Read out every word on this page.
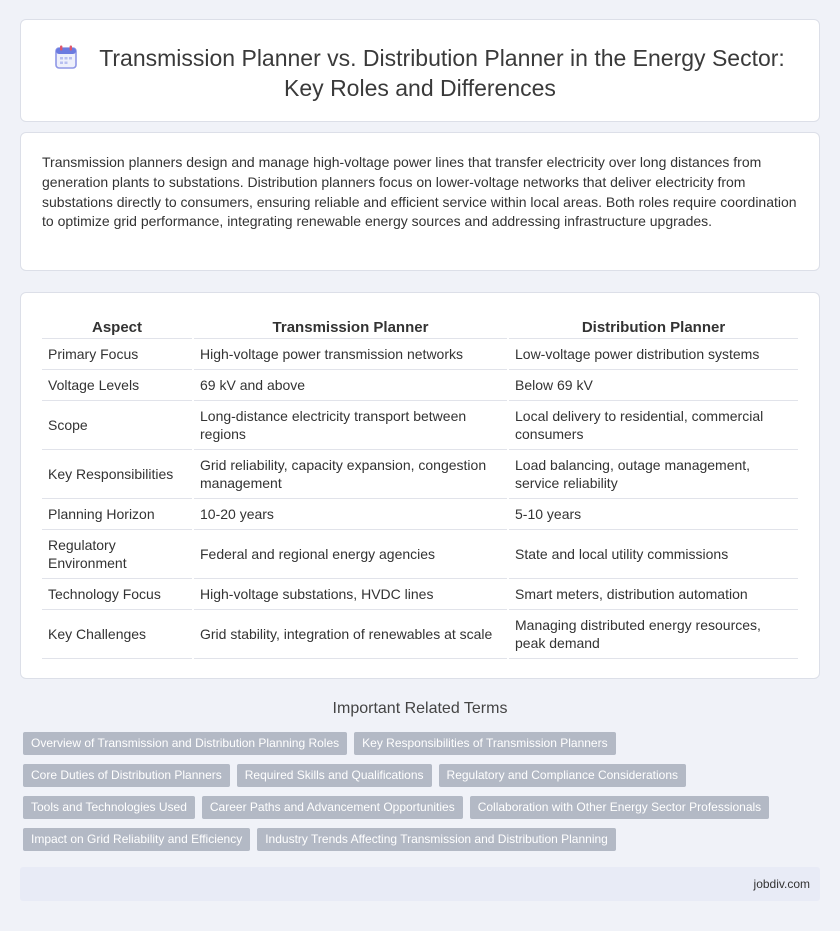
Transmission Planner vs. Distribution Planner in the Energy Sector: Key Roles and Differences

Transmission planners design and manage high-voltage power lines that transfer electricity over long distances from generation plants to substations. Distribution planners focus on lower-voltage networks that deliver electricity from substations directly to consumers, ensuring reliable and efficient service within local areas. Both roles require coordination to optimize grid performance, integrating renewable energy sources and addressing infrastructure upgrades.

Aspect	Transmission Planner	Distribution Planner
Primary Focus	High-voltage power transmission networks	Low-voltage power distribution systems
Voltage Levels	69 kV and above	Below 69 kV
Scope	Long-distance electricity transport between regions	Local delivery to residential, commercial consumers
Key Responsibilities	Grid reliability, capacity expansion, congestion management	Load balancing, outage management, service reliability
Planning Horizon	10-20 years	5-10 years
Regulatory Environment	Federal and regional energy agencies	State and local utility commissions
Technology Focus	High-voltage substations, HVDC lines	Smart meters, distribution automation
Key Challenges	Grid stability, integration of renewables at scale	Managing distributed energy resources, peak demand
Important Related Terms
Overview of Transmission and Distribution Planning Roles	Key Responsibilities of Transmission Planners
Core Duties of Distribution Planners	Required Skills and Qualifications	Regulatory and Compliance Considerations
Tools and Technologies Used	Career Paths and Advancement Opportunities	Collaboration with Other Energy Sector Professionals
Impact on Grid Reliability and Efficiency	Industry Trends Affecting Transmission and Distribution Planning
jobdiv.com
